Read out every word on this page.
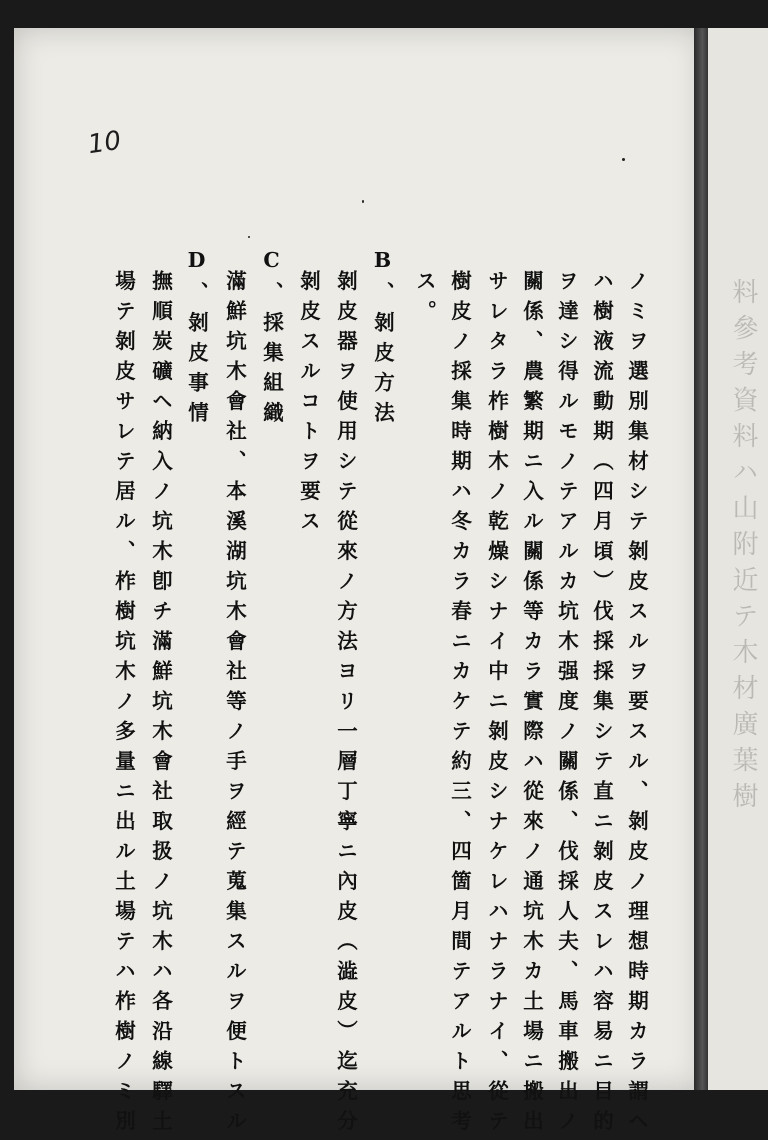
料參考資料ハ山附近テ木材廣葉樹
10
ノミヲ選別集材シテ剝皮スルヲ要スル、剝皮ノ理想時期カラ謂ヘ
ハ樹液流動期（四月頃）伐採採集シテ直ニ剝皮スレハ容易ニ目的
ヲ達シ得ルモノテアルカ坑木强度ノ關係、伐採人夫、馬車搬出ノ
關係、農繁期ニ入ル關係等カラ實際ハ從來ノ通坑木カ土場ニ搬出
サレタラ柞樹木ノ乾燥シナイ中ニ剝皮シナケレハナラナイ、從テ
樹皮ノ採集時期ハ冬カラ春ニカケテ約三、四箇月間テアルト思考
ス。
B、剝皮方法
剝皮器ヲ使用シテ從來ノ方法ヨリ一層丁寧ニ內皮（澁皮）迄充分
剝皮スルコトヲ要ス
C、採集組織
滿鮮坑木會社、本溪湖坑木會社等ノ手ヲ經テ蒐集スルヲ便トスル
D、剝皮事情
撫順炭礦ヘ納入ノ坑木卽チ滿鮮坑木會社取扱ノ坑木ハ各沿線驛土
場テ剝皮サレテ居ル、柞樹坑木ノ多量ニ出ル土場テハ柞樹ノミ別
